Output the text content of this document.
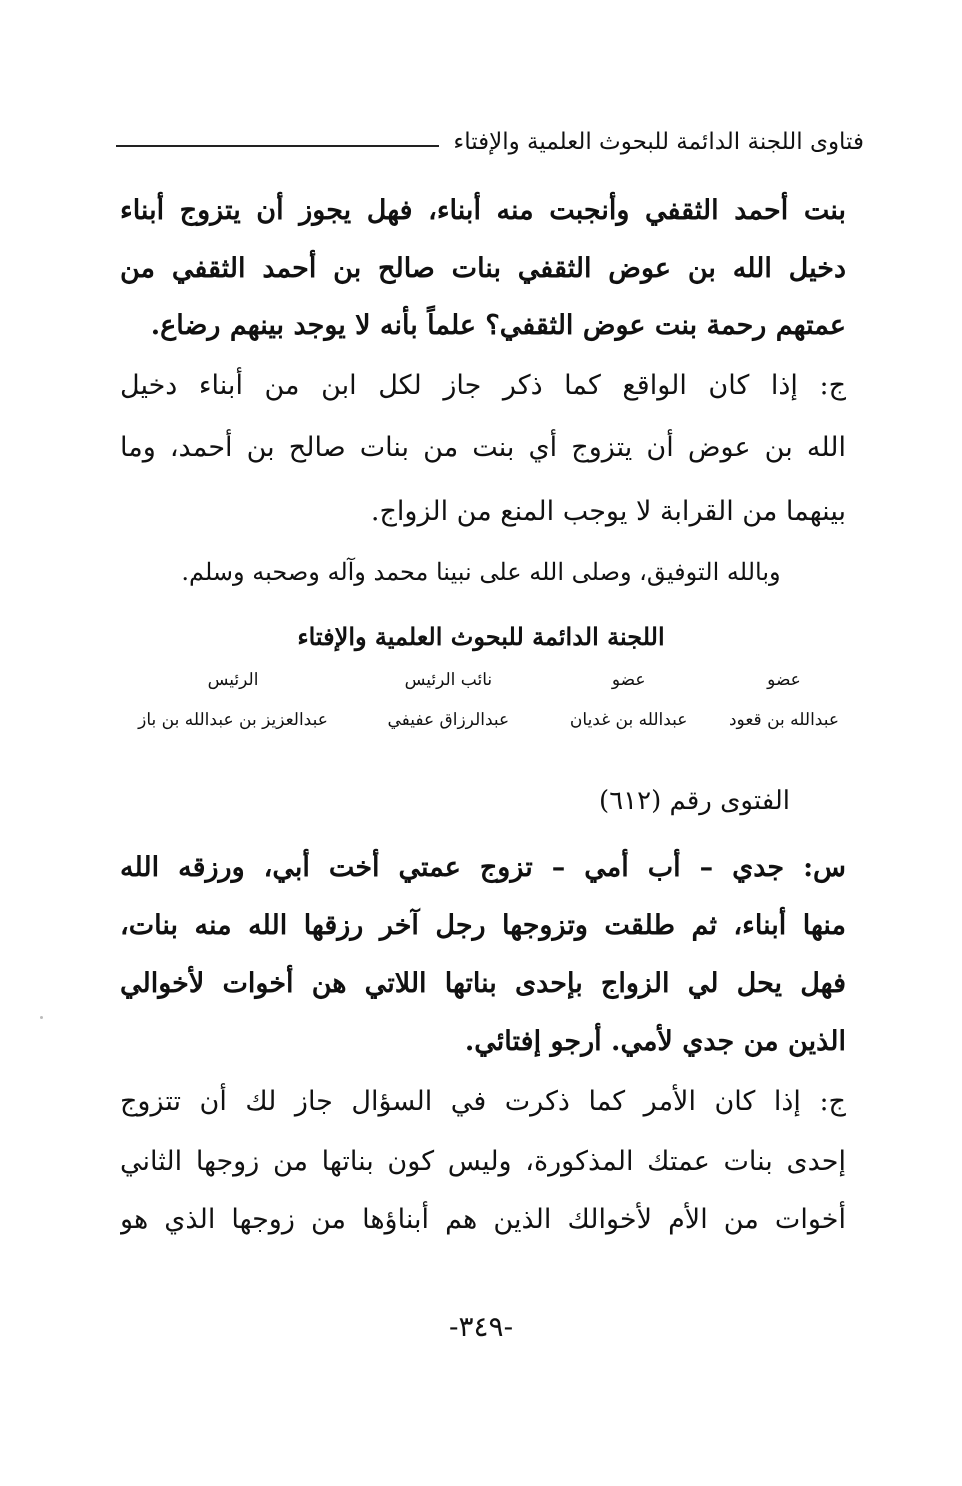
فتاوى اللجنة الدائمة للبحوث العلمية والإفتاء
بنت أحمد الثقفي وأنجبت منه أبناء، فهل يجوز أن يتزوج أبناء
دخيل الله بن عوض الثقفي بنات صالح بن أحمد الثقفي من
عمتهم رحمة بنت عوض الثقفي؟ علماً بأنه لا يوجد بينهم رضاع.
ج: إذا كان الواقع كما ذكر جاز لكل ابن من أبناء دخيل
الله بن عوض أن يتزوج أي بنت من بنات صالح بن أحمد، وما
بينهما من القرابة لا يوجب المنع من الزواج.
وبالله التوفيق، وصلى الله على نبينا محمد وآله وصحبه وسلم.
اللجنة الدائمة للبحوث العلمية والإفتاء
عضو
عضو
نائب الرئيس
الرئيس
عبدالله بن قعود
عبدالله بن غديان
عبدالرزاق عفيفي
عبدالعزيز بن عبدالله بن باز
الفتوى رقم (٦١٢)
س: جدي – أب أمي – تزوج عمتي أخت أبي، ورزقه الله
منها أبناء، ثم طلقت وتزوجها رجل آخر رزقها الله منه بنات،
فهل يحل لي الزواج بإحدى بناتها اللاتي هن أخوات لأخوالي
الذين من جدي لأمي. أرجو إفتائي.
ج: إذا كان الأمر كما ذكرت في السؤال جاز لك أن تتزوج
إحدى بنات عمتك المذكورة، وليس كون بناتها من زوجها الثاني
أخوات من الأم لأخوالك الذين هم أبناؤها من زوجها الذي هو
-٣٤٩-
